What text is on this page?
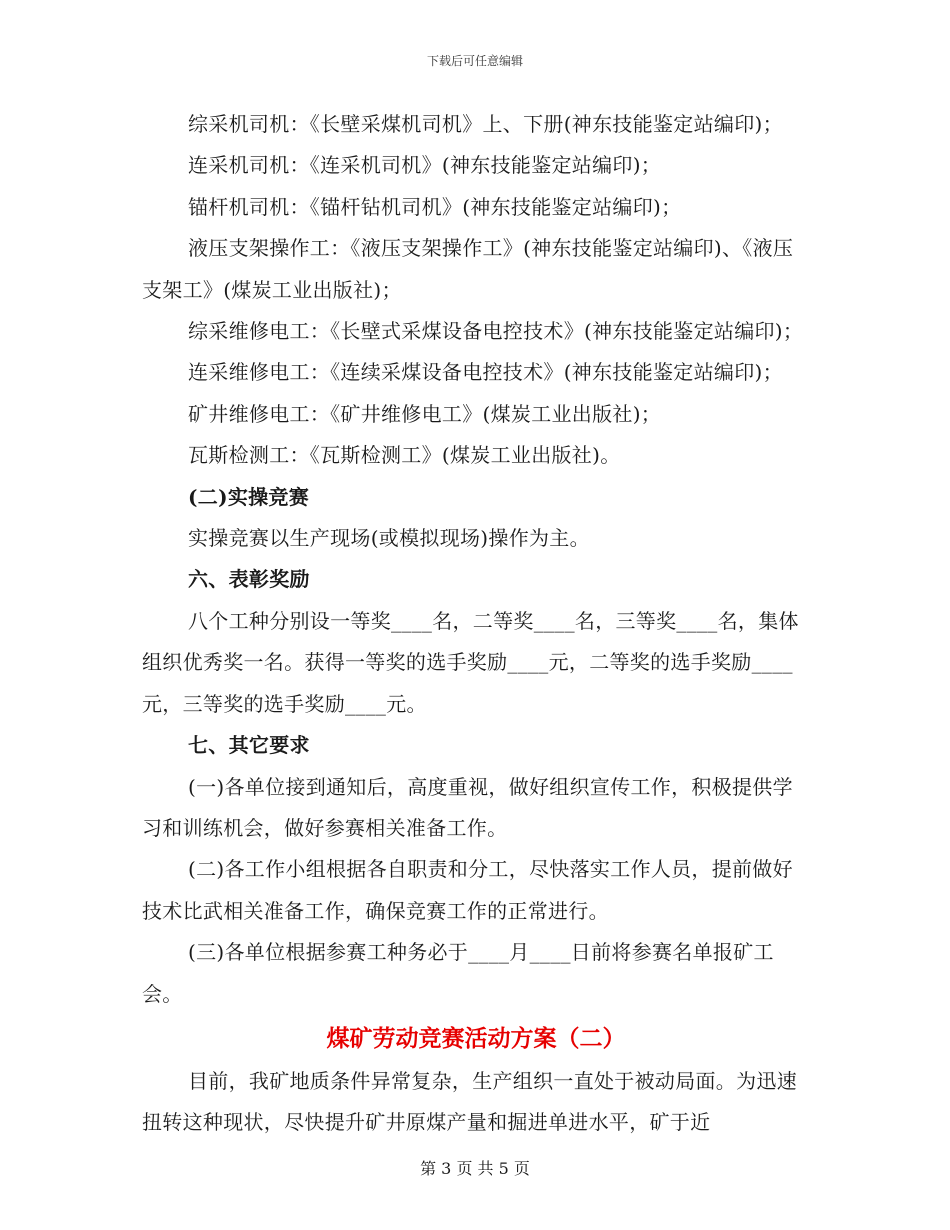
下载后可任意编辑

综采机司机：《长壁采煤机司机》上、下册(神东技能鉴定站编印)；

连采机司机：《连采机司机》(神东技能鉴定站编印)；

锚杆机司机：《锚杆钻机司机》(神东技能鉴定站编印)；

液压支架操作工：《液压支架操作工》(神东技能鉴定站编印)、《液压支架工》(煤炭工业出版社)；

综采维修电工：《长壁式采煤设备电控技术》(神东技能鉴定站编印)；

连采维修电工：《连续采煤设备电控技术》(神东技能鉴定站编印)；

矿井维修电工：《矿井维修电工》(煤炭工业出版社)；

瓦斯检测工：《瓦斯检测工》(煤炭工业出版社)。

(二)实操竞赛

实操竞赛以生产现场(或模拟现场)操作为主。

六、表彰奖励

八个工种分别设一等奖____名，二等奖____名，三等奖____名，集体组织优秀奖一名。获得一等奖的选手奖励____元，二等奖的选手奖励____元，三等奖的选手奖励____元。

七、其它要求

(一)各单位接到通知后，高度重视，做好组织宣传工作，积极提供学习和训练机会，做好参赛相关准备工作。

(二)各工作小组根据各自职责和分工，尽快落实工作人员，提前做好技术比武相关准备工作，确保竞赛工作的正常进行。

(三)各单位根据参赛工种务必于____月____日前将参赛名单报矿工会。

煤矿劳动竞赛活动方案（二）

目前，我矿地质条件异常复杂，生产组织一直处于被动局面。为迅速扭转这种现状，尽快提升矿井原煤产量和掘进单进水平，矿于近

第 3 页 共 5 页
